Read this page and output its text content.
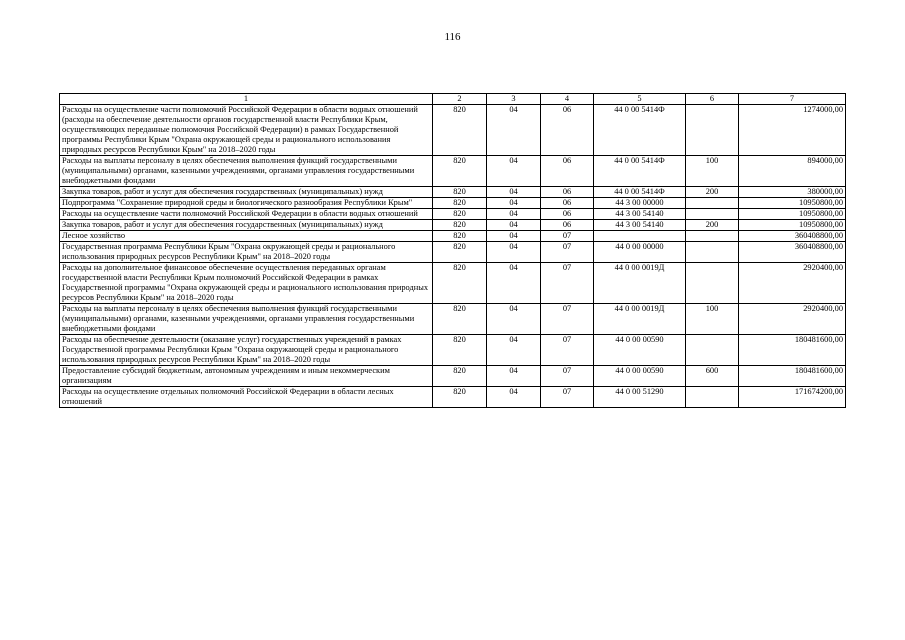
116
1	2	3	4	5	6	7
Расходы на осуществление части полномочий Российской Федерации в области водных отношений (расходы на обеспечение деятельности органов государственной власти Республики Крым, осуществляющих переданные полномочия Российской Федерации) в рамках Государственной программы Республики Крым "Охрана окружающей среды и рационального использования природных ресурсов Республики Крым" на 2018–2020 годы	820	04	06	44 0 00 5414Ф		1274000,00
Расходы на выплаты персоналу в целях обеспечения выполнения функций государственными (муниципальными) органами, казенными учреждениями, органами управления государственными внебюджетными фондами	820	04	06	44 0 00 5414Ф	100	894000,00
Закупка товаров, работ и услуг для обеспечения государственных (муниципальных) нужд	820	04	06	44 0 00 5414Ф	200	380000,00
Подпрограмма "Сохранение природной среды и биологического разнообразия Республики Крым"	820	04	06	44 3 00 00000		10950800,00
Расходы на осуществление части полномочий Российской Федерации в области водных отношений	820	04	06	44 3 00 54140		10950800,00
Закупка товаров, работ и услуг для обеспечения государственных (муниципальных) нужд	820	04	06	44 3 00 54140	200	10950800,00
Лесное хозяйство	820	04	07			360408800,00
Государственная программа Республики Крым "Охрана окружающей среды и рационального использования природных ресурсов Республики Крым" на 2018–2020 годы	820	04	07	44 0 00 00000		360408800,00
Расходы на дополнительное финансовое обеспечение осуществления переданных органам государственной власти Республики Крым полномочий Российской Федерации в рамках Государственной программы "Охрана окружающей среды и рационального использования природных ресурсов Республики Крым" на 2018–2020 годы	820	04	07	44 0 00 0019Д		2920400,00
Расходы на выплаты персоналу в целях обеспечения выполнения функций государственными (муниципальными) органами, казенными учреждениями, органами управления государственными внебюджетными фондами	820	04	07	44 0 00 0019Д	100	2920400,00
Расходы на обеспечение деятельности (оказание услуг) государственных учреждений в рамках Государственной программы Республики Крым "Охрана окружающей среды и рационального использования природных ресурсов Республики Крым" на 2018–2020 годы	820	04	07	44 0 00 00590		180481600,00
Предоставление субсидий бюджетным, автономным учреждениям и иным некоммерческим организациям	820	04	07	44 0 00 00590	600	180481600,00
Расходы на осуществление отдельных полномочий Российской Федерации в области лесных отношений	820	04	07	44 0 00 51290		171674200,00
